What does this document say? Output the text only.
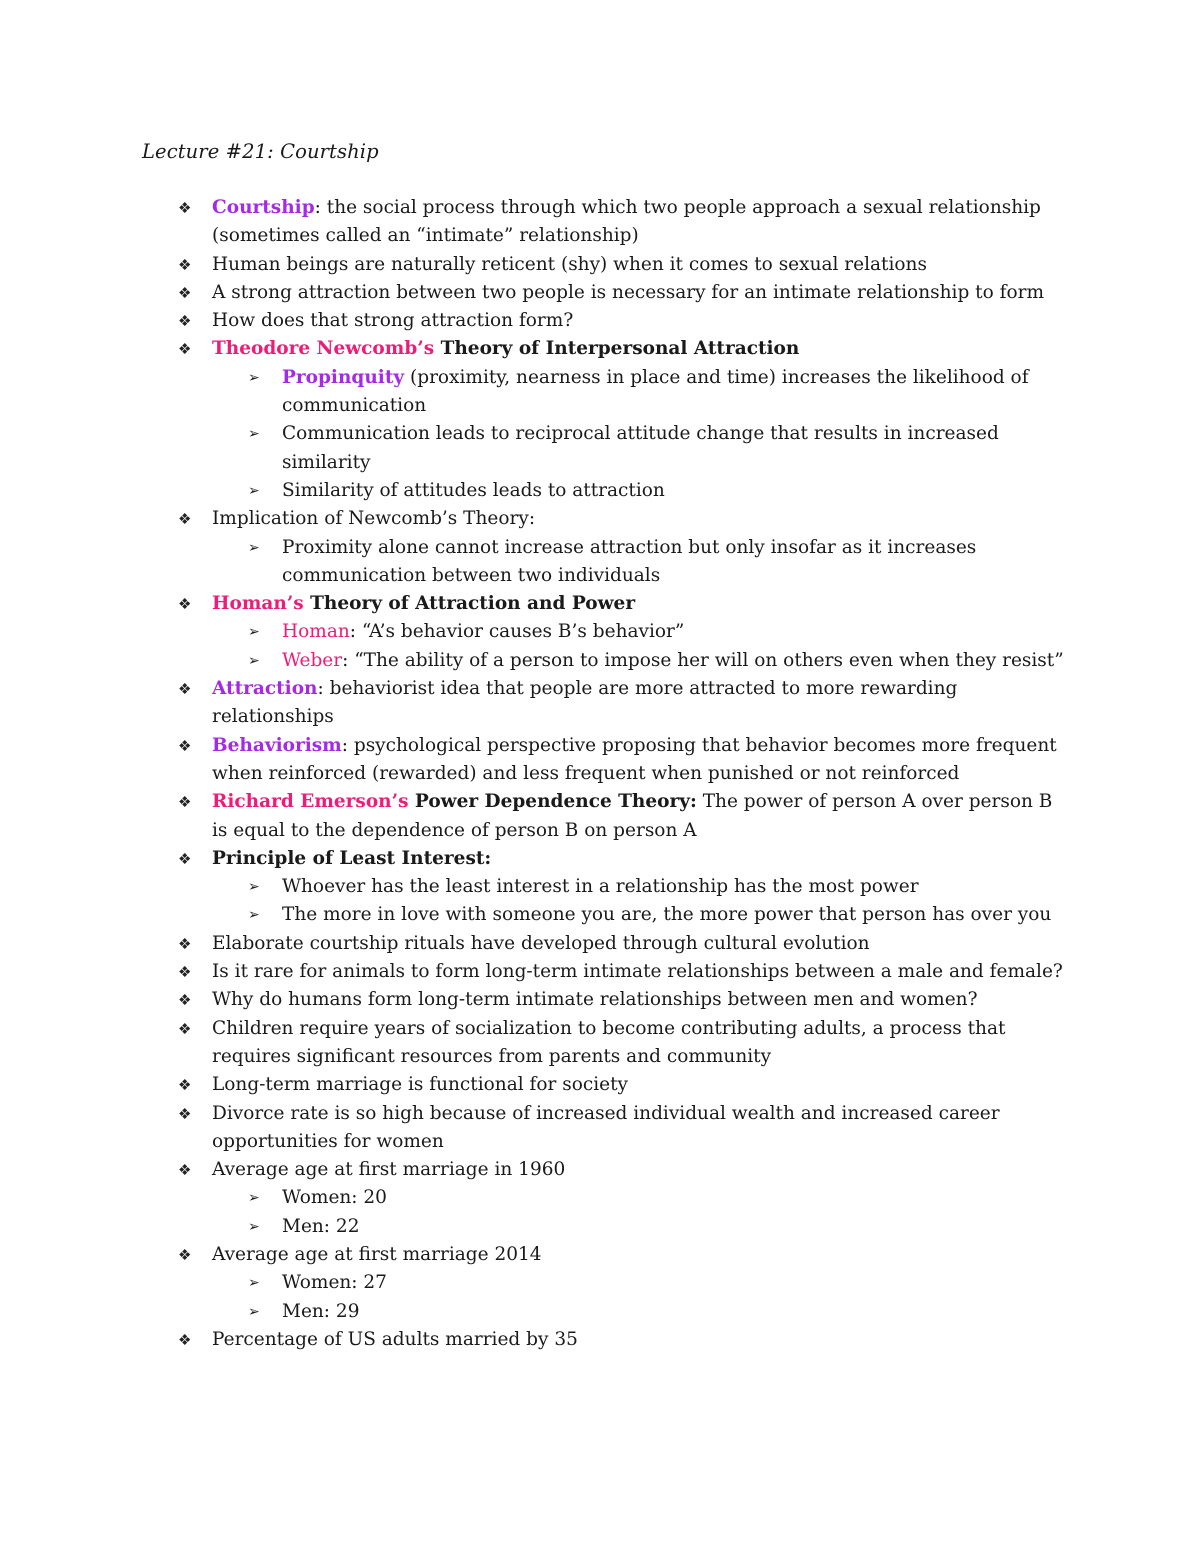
Lecture #21: Courtship
❖ Courtship: the social process through which two people approach a sexual relationship (sometimes called an “intimate” relationship)
❖ Human beings are naturally reticent (shy) when it comes to sexual relations
❖ A strong attraction between two people is necessary for an intimate relationship to form
❖ How does that strong attraction form?
❖ Theodore Newcomb’s Theory of Interpersonal Attraction
➢ Propinquity (proximity, nearness in place and time) increases the likelihood of communication
➢ Communication leads to reciprocal attitude change that results in increased similarity
➢ Similarity of attitudes leads to attraction
❖ Implication of Newcomb’s Theory:
➢ Proximity alone cannot increase attraction but only insofar as it increases communication between two individuals
❖ Homan’s Theory of Attraction and Power
➢ Homan: “A’s behavior causes B’s behavior”
➢ Weber: “The ability of a person to impose her will on others even when they resist”
❖ Attraction: behaviorist idea that people are more attracted to more rewarding relationships
❖ Behaviorism: psychological perspective proposing that behavior becomes more frequent when reinforced (rewarded) and less frequent when punished or not reinforced
❖ Richard Emerson’s Power Dependence Theory: The power of person A over person B is equal to the dependence of person B on person A
❖ Principle of Least Interest:
➢ Whoever has the least interest in a relationship has the most power
➢ The more in love with someone you are, the more power that person has over you
❖ Elaborate courtship rituals have developed through cultural evolution
❖ Is it rare for animals to form long-term intimate relationships between a male and female?
❖ Why do humans form long-term intimate relationships between men and women?
❖ Children require years of socialization to become contributing adults, a process that requires significant resources from parents and community
❖ Long-term marriage is functional for society
❖ Divorce rate is so high because of increased individual wealth and increased career opportunities for women
❖ Average age at first marriage in 1960
➢ Women: 20
➢ Men: 22
❖ Average age at first marriage 2014
➢ Women: 27
➢ Men: 29
❖ Percentage of US adults married by 35
